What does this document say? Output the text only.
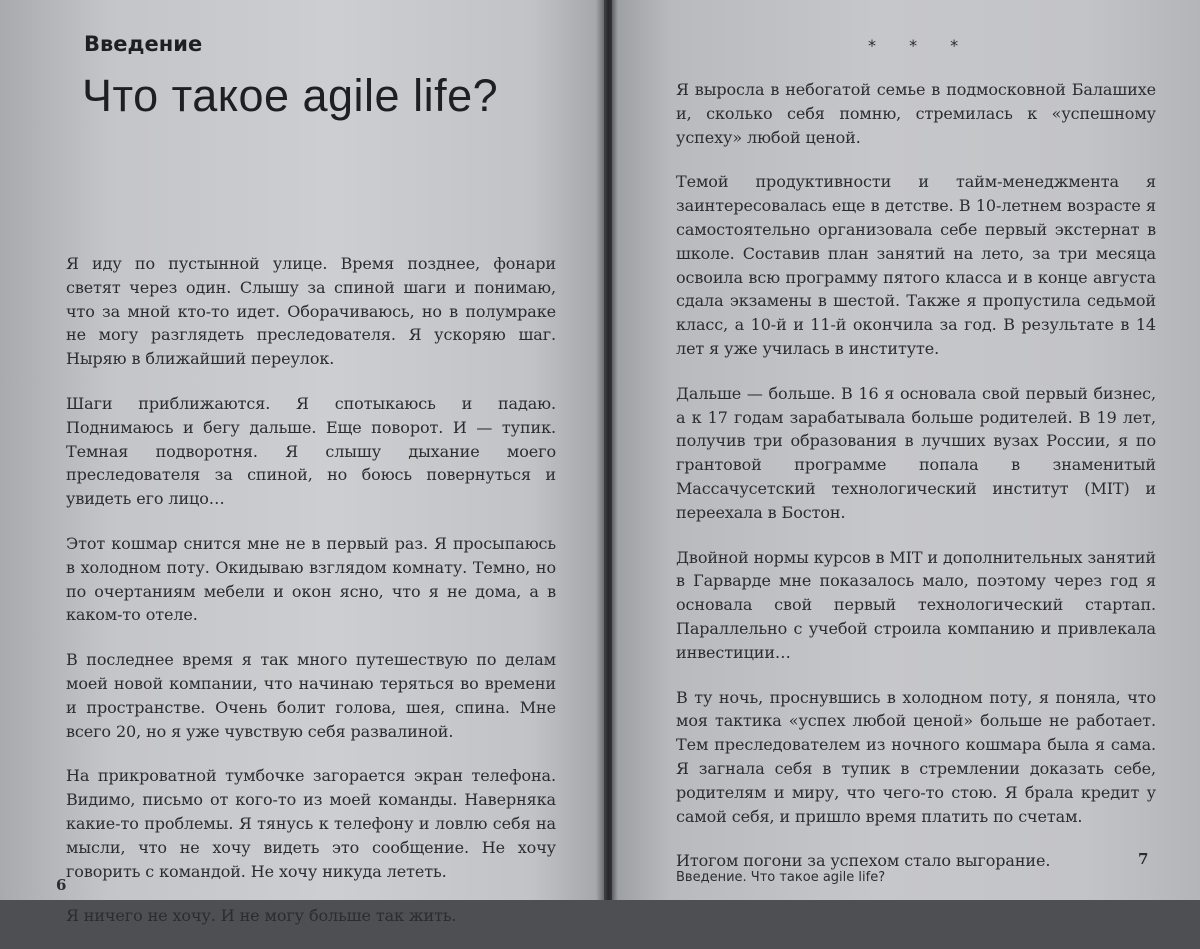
Введение
Что такое agile life?

Я иду по пустынной улице. Время позднее, фонари светят через один. Слышу за спиной шаги и понимаю, что за мной кто-то идет. Оборачиваюсь, но в полумраке не могу разглядеть преследователя. Я ускоряю шаг. Ныряю в ближайший переулок.

Шаги приближаются. Я спотыкаюсь и падаю. Поднимаюсь и бегу дальше. Еще поворот. И — тупик. Темная подворотня. Я слышу дыхание моего преследователя за спиной, но боюсь повернуться и увидеть его лицо…

Этот кошмар снится мне не в первый раз. Я просыпаюсь в холодном поту. Окидываю взглядом комнату. Темно, но по очертаниям мебели и окон ясно, что я не дома, а в каком-то отеле.

В последнее время я так много путешествую по делам моей новой компании, что начинаю теряться во времени и пространстве. Очень болит голова, шея, спина. Мне всего 20, но я уже чувствую себя развалиной.

На прикроватной тумбочке загорается экран телефона. Видимо, письмо от кого-то из моей команды. Наверняка какие-то проблемы. Я тянусь к телефону и ловлю себя на мысли, что не хочу видеть это сообщение. Не хочу говорить с командой. Не хочу никуда лететь.

Я ничего не хочу. И не могу больше так жить.

6
* * *

Я выросла в небогатой семье в подмосковной Балашихе и, сколько себя помню, стремилась к «успешному успеху» любой ценой.

Темой продуктивности и тайм-менеджмента я заинтересовалась еще в детстве. В 10-летнем возрасте я самостоятельно организовала себе первый экстернат в школе. Составив план занятий на лето, за три месяца освоила всю программу пятого класса и в конце августа сдала экзамены в шестой. Также я пропустила седьмой класс, а 10-й и 11-й окончила за год. В результате в 14 лет я уже училась в институте.

Дальше — больше. В 16 я основала свой первый бизнес, а к 17 годам зарабатывала больше родителей. В 19 лет, получив три образования в лучших вузах России, я по грантовой программе попала в знаменитый Массачусетский технологический институт (MIT) и переехала в Бостон.

Двойной нормы курсов в MIT и дополнительных занятий в Гарварде мне показалось мало, поэтому через год я основала свой первый технологический стартап. Параллельно с учебой строила компанию и привлекала инвестиции…

В ту ночь, проснувшись в холодном поту, я поняла, что моя тактика «успех любой ценой» больше не работает. Тем преследователем из ночного кошмара была я сама. Я загнала себя в тупик в стремлении доказать себе, родителям и миру, что чего-то стою. Я брала кредит у самой себя, и пришло время платить по счетам.

Итогом погони за успехом стало выгорание.	7
Введение. Что такое agile life?
